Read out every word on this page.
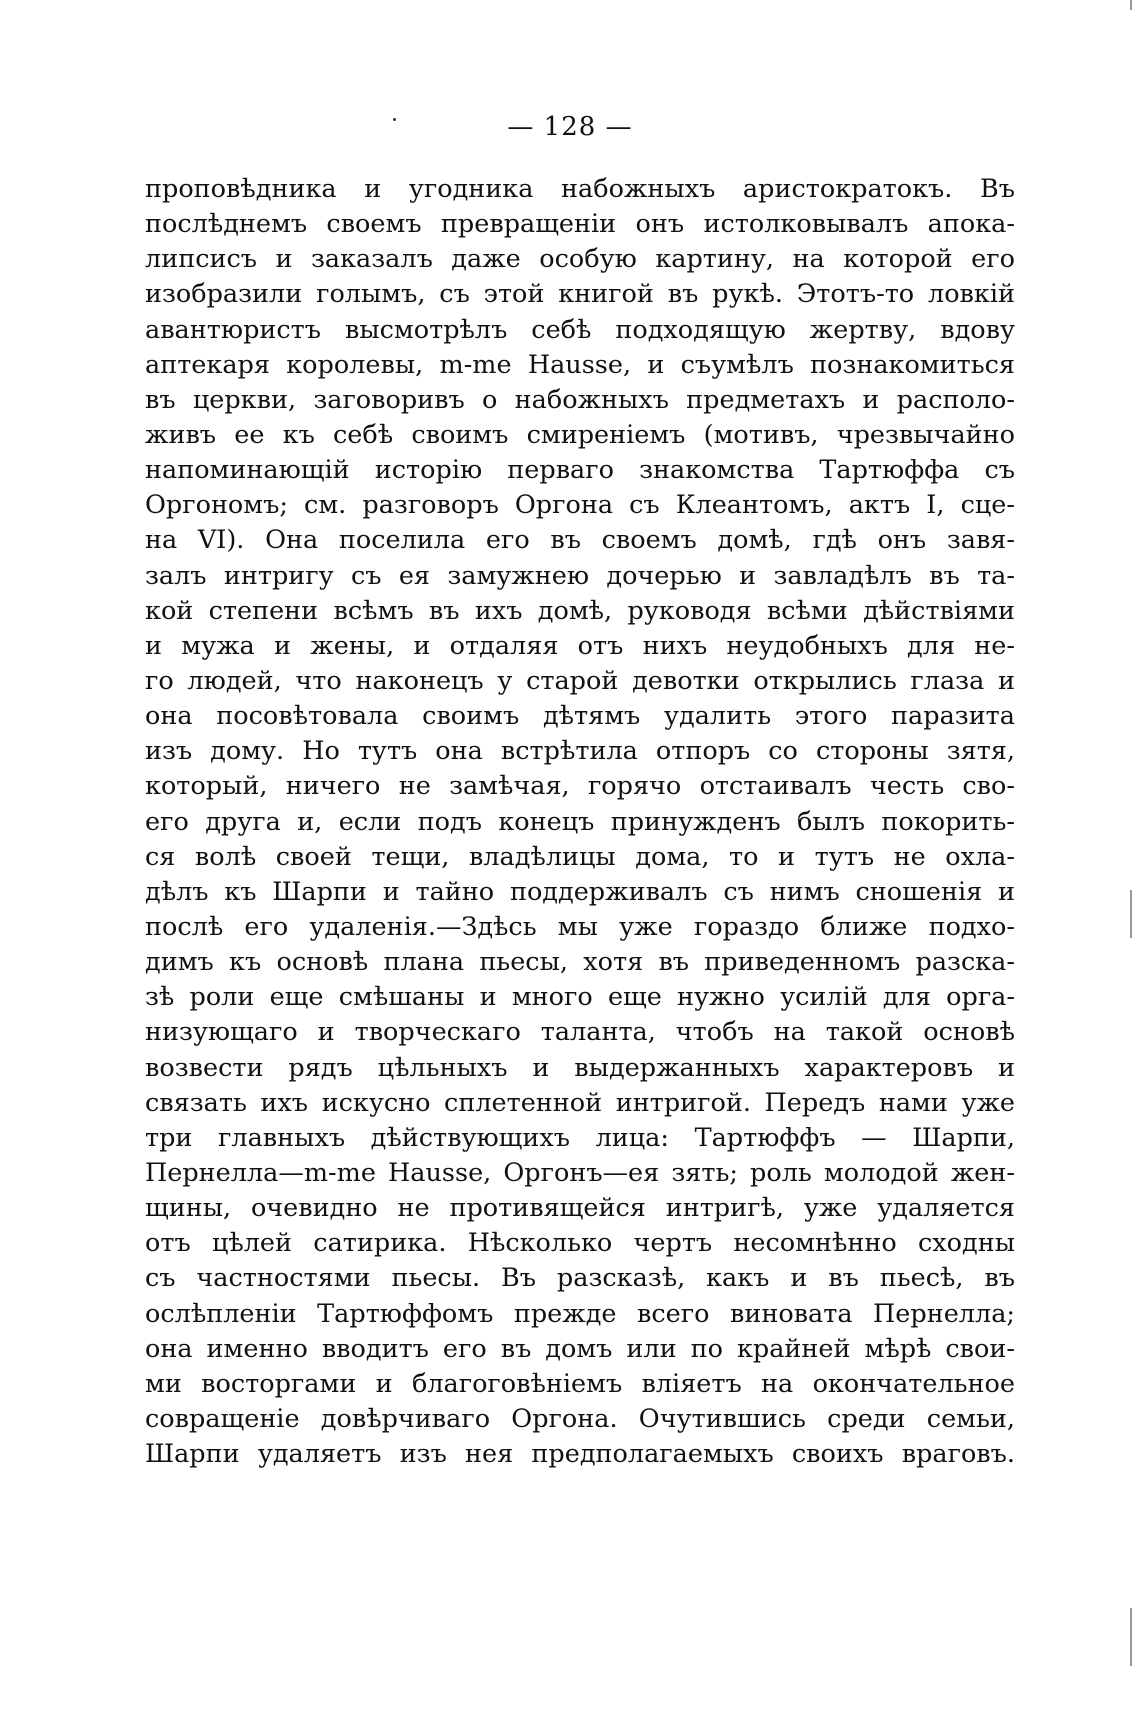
— 128 —
проповѣдника и угодника набожныхъ аристократокъ. Въ
послѣднемъ своемъ превращеніи онъ истолковывалъ апока-
липсисъ и заказалъ даже особую картину, на которой его
изобразили голымъ, съ этой книгой въ рукѣ. Этотъ-то ловкій
авантюристъ высмотрѣлъ себѣ подходящую жертву, вдову
аптекаря королевы, m-me Hausse, и съумѣлъ познакомиться
въ церкви, заговоривъ о набожныхъ предметахъ и располо-
живъ ее къ себѣ своимъ смиреніемъ (мотивъ, чрезвычайно
напоминающій исторію перваго знакомства Тартюффа съ
Оргономъ; см. разговоръ Оргона съ Клеантомъ, актъ I, сце-
на VI). Она поселила его въ своемъ домѣ, гдѣ онъ завя-
залъ интригу съ ея замужнею дочерью и завладѣлъ въ та-
кой степени всѣмъ въ ихъ домѣ, руководя всѣми дѣйствіями
и мужа и жены, и отдаляя отъ нихъ неудобныхъ для не-
го людей, что наконецъ у старой девотки открылись глаза и
она посовѣтовала своимъ дѣтямъ удалить этого паразита
изъ дому. Но тутъ она встрѣтила отпоръ со стороны зятя,
который, ничего не замѣчая, горячо отстаивалъ честь сво-
его друга и, если подъ конецъ принужденъ былъ покорить-
ся волѣ своей тещи, владѣлицы дома, то и тутъ не охла-
дѣлъ къ Шарпи и тайно поддерживалъ съ нимъ сношенія и
послѣ его удаленія.—Здѣсь мы уже гораздо ближе подхо-
димъ къ основѣ плана пьесы, хотя въ приведенномъ разска-
зѣ роли еще смѣшаны и много еще нужно усилій для орга-
низующаго и творческаго таланта, чтобъ на такой основѣ
возвести рядъ цѣльныхъ и выдержанныхъ характеровъ и
связать ихъ искусно сплетенной интригой. Передъ нами уже
три главныхъ дѣйствующихъ лица: Тартюффъ — Шарпи,
Пернелла—m-me Hausse, Оргонъ—ея зять; роль молодой жен-
щины, очевидно не противящейся интригѣ, уже удаляется
отъ цѣлей сатирика. Нѣсколько чертъ несомнѣнно сходны
съ частностями пьесы. Въ разсказѣ, какъ и въ пьесѣ, въ
ослѣпленіи Тартюффомъ прежде всего виновата Пернелла;
она именно вводитъ его въ домъ или по крайней мѣрѣ свои-
ми восторгами и благоговѣніемъ вліяетъ на окончательное
совращеніе довѣрчиваго Оргона. Очутившись среди семьи,
Шарпи удаляетъ изъ нея предполагаемыхъ своихъ враговъ.
